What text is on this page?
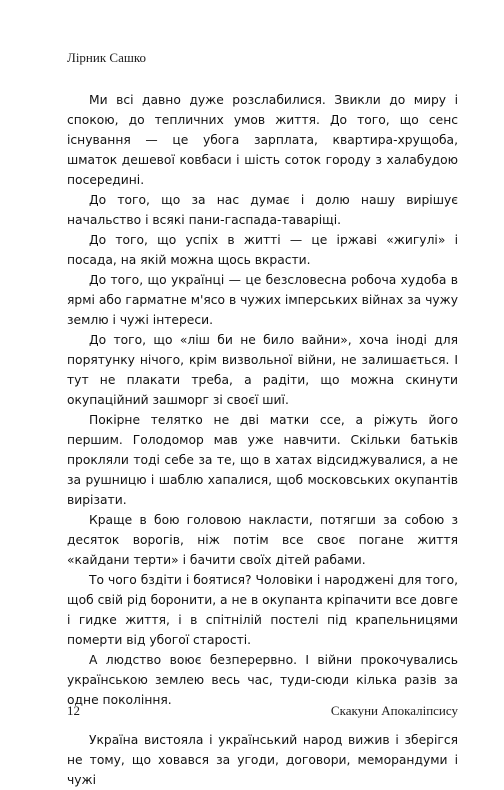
Лірник Сашко

Ми всі давно дуже розслабилися. Звикли до миру і спокою, до тепличних умов життя. До того, що сенс існування — це убога зарплата, квартира-хрущоба, шматок дешевої ковбаси і шість соток городу з халабудою посередині.

До того, що за нас думає і долю нашу вирішує начальство і всякі пани-гаспада-таваріщі.

До того, що успіх в житті — це іржаві «жигулі» і посада, на якій можна щось вкрасти.

До того, що українці — це безсловесна робоча худоба в ярмі або гарматне м'ясо в чужих імперських війнах за чужу землю і чужі інтереси.

До того, що «ліш би не било вайни», хоча іноді для порятунку нічого, крім визвольної війни, не залишається. І тут не плакати треба, а радіти, що можна скинути окупаційний зашморг зі своєї шиї.

Покірне телятко не дві матки ссе, а ріжуть його першим. Голодомор мав уже навчити. Скільки батьків прокляли тоді себе за те, що в хатах відсиджувалися, а не за рушницю і шаблю хапалися, щоб московських окупантів вирізати.

Краще в бою головою накласти, потягши за собою з десяток ворогів, ніж потім все своє погане життя «кайдани терти» і бачити своїх дітей рабами.

То чого бздіти і боятися? Чоловіки і народжені для того, щоб свій рід боронити, а не в окупанта кріпачити все довге і гидке життя, і в спітнілій постелі під крапельницями померти від убогої старості.

А людство воює безперервно. І війни прокочувались українською землею весь час, туди-сюди кілька разів за одне покоління.

Україна вистояла і український народ вижив і зберігся не тому, що ховався за угоди, договори, меморандуми і чужі

12	Скакуни Апокаліпсису
